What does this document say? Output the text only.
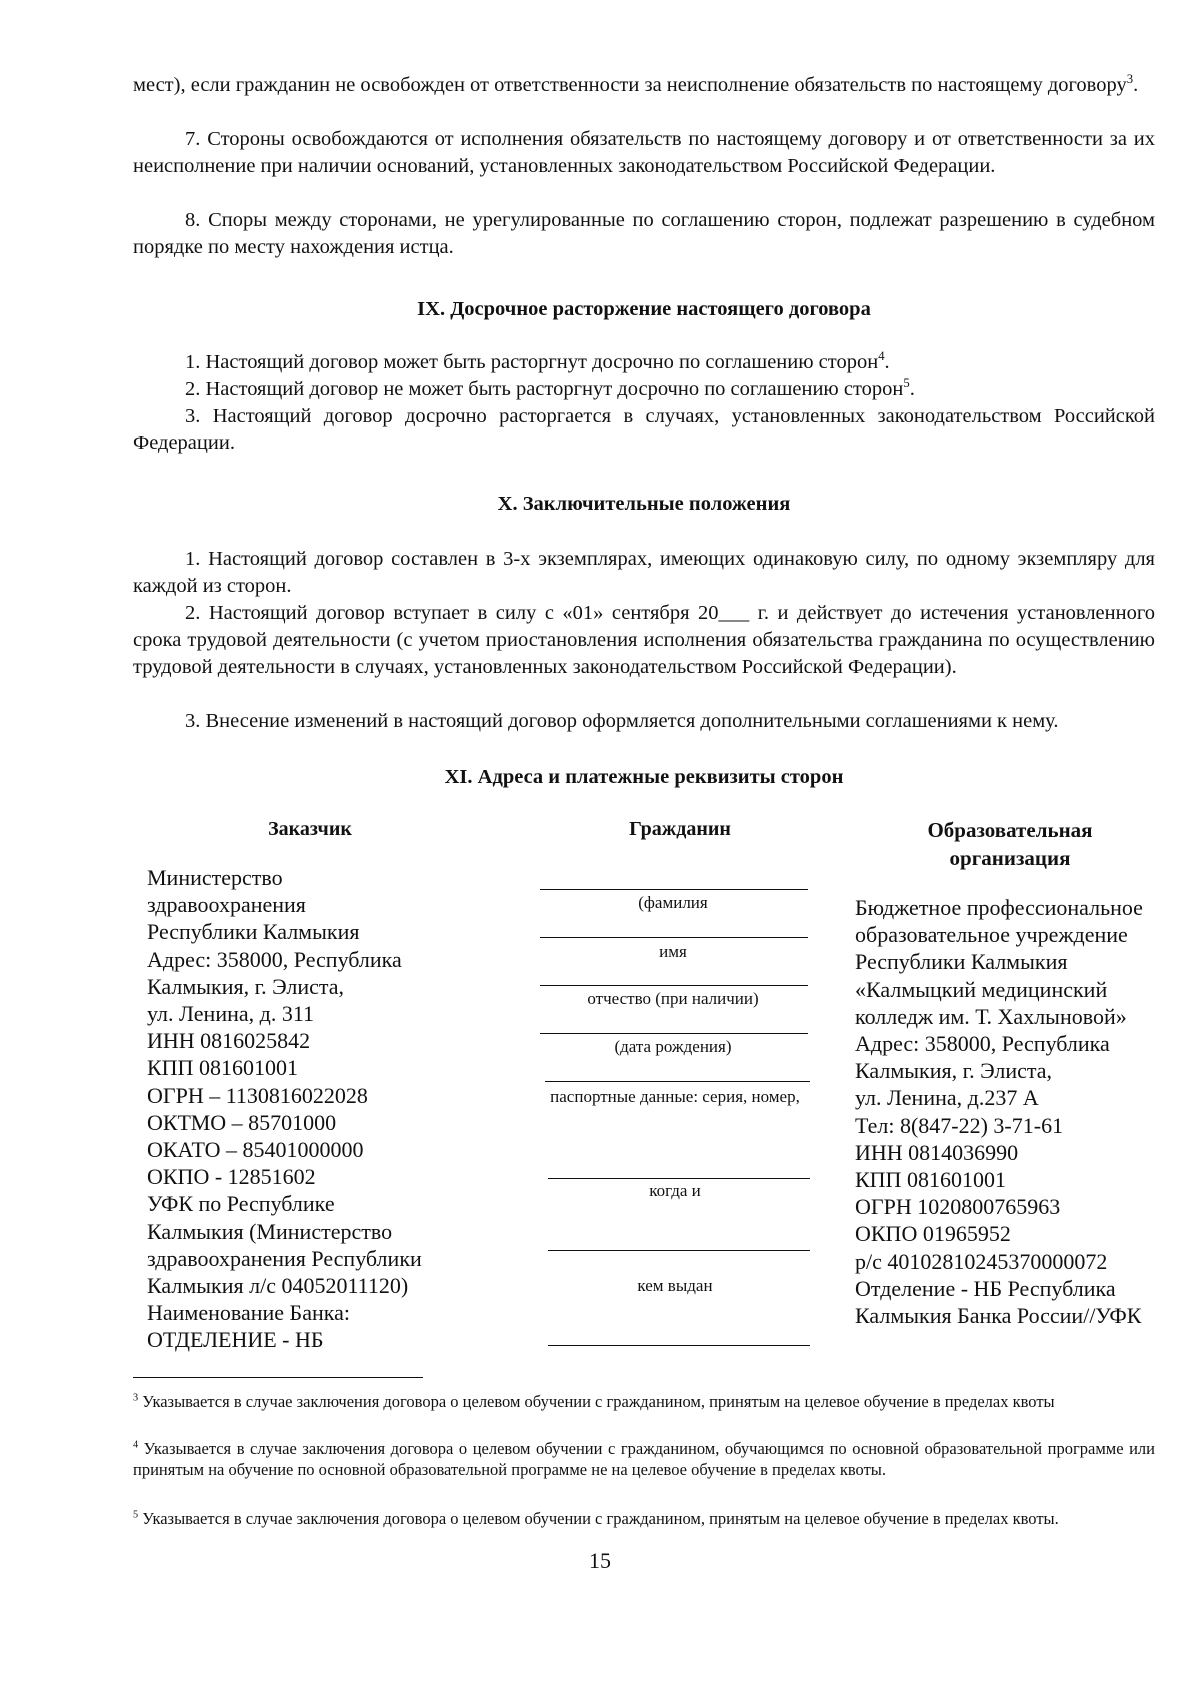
мест), если гражданин не освобожден от ответственности за неисполнение обязательств по настоящему договору$^3$.

7. Стороны освобождаются от исполнения обязательств по настоящему договору и от ответственности за их неисполнение при наличии оснований, установленных законодательством Российской Федерации.

8. Споры между сторонами, не урегулированные по соглашению сторон, подлежат разрешению в судебном порядке по месту нахождения истца.

IX. Досрочное расторжение настоящего договора

1. Настоящий договор может быть расторгнут досрочно по соглашению сторон$^4$.

2. Настоящий договор не может быть расторгнут досрочно по соглашению сторон$^5$.

3. Настоящий договор досрочно расторгается в случаях, установленных законодательством Российской Федерации.

X. Заключительные положения

1. Настоящий договор составлен в 3-х экземплярах, имеющих одинаковую силу, по одному экземпляру для каждой из сторон.

2. Настоящий договор вступает в силу с «01» сентября 20___ г. и действует до истечения установленного срока трудовой деятельности (с учетом приостановления исполнения обязательства гражданина по осуществлению трудовой деятельности в случаях, установленных законодательством Российской Федерации).

3. Внесение изменений в настоящий договор оформляется дополнительными соглашениями к нему.

XI. Адреса и платежные реквизиты сторон
Заказчик	Гражданин	Образовательная организация
Министерство
здравоохранения
Республики Калмыкия
Адрес: 358000, Республика
Калмыкия, г. Элиста,
ул. Ленина, д. 311
ИНН 0816025842
КПП 081601001
ОГРН – 1130816022028
ОКТМО – 85701000
ОКАТО – 85401000000
ОКПО - 12851602
УФК по Республике
Калмыкия (Министерство
здравоохранения Республики
Калмыкия л/с 04052011120)
Наименование Банка:
ОТДЕЛЕНИЕ - НБ
(фамилия
имя
отчество (при наличии)
(дата рождения)
паспортные данные: серия, номер,
когда и
кем выдан
Бюджетное профессиональное
образовательное учреждение
Республики Калмыкия
«Калмыцкий медицинский
колледж им. Т. Хахлыновой»
Адрес: 358000, Республика
Калмыкия, г. Элиста,
ул. Ленина, д.237 А
Тел: 8(847-22) 3-71-61
ИНН 0814036990
КПП 081601001
ОГРН 1020800765963
ОКПО 01965952
р/с 40102810245370000072
Отделение - НБ Республика
Калмыкия Банка России//УФК

$^3$ Указывается в случае заключения договора о целевом обучении с гражданином, принятым на целевое обучение в пределах квоты

$^4$ Указывается в случае заключения договора о целевом обучении с гражданином, обучающимся по основной образовательной программе или принятым на обучение по основной образовательной программе не на целевое обучение в пределах квоты.

$^5$ Указывается в случае заключения договора о целевом обучении с гражданином, принятым на целевое обучение в пределах квоты.

15
